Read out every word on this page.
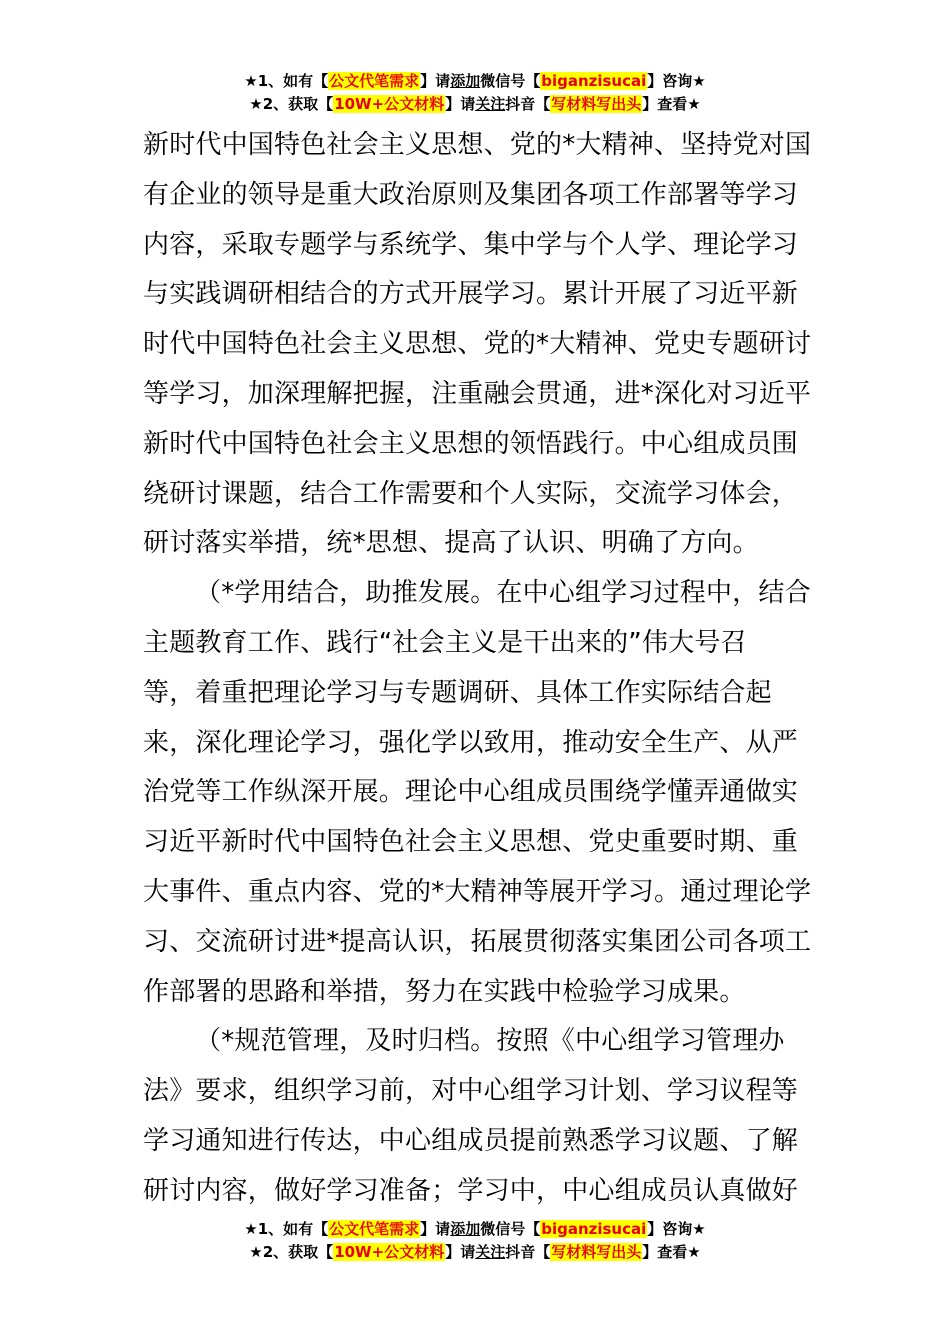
★1、如有【公文代笔需求】请添加微信号【biganzisucai】咨询★
★2、获取【10W+公文材料】请关注抖音【写材料写出头】查看★
新时代中国特色社会主义思想、党的*大精神、坚持党对国
有企业的领导是重大政治原则及集团各项工作部署等学习
内容，采取专题学与系统学、集中学与个人学、理论学习
与实践调研相结合的方式开展学习。累计开展了习近平新
时代中国特色社会主义思想、党的*大精神、党史专题研讨
等学习，加深理解把握，注重融会贯通，进*深化对习近平
新时代中国特色社会主义思想的领悟践行。中心组成员围
绕研讨课题，结合工作需要和个人实际，交流学习体会，
研讨落实举措，统*思想、提高了认识、明确了方向。
（*学用结合，助推发展。在中心组学习过程中，结合
主题教育工作、践行“社会主义是干出来的”伟大号召
等，着重把理论学习与专题调研、具体工作实际结合起
来，深化理论学习，强化学以致用，推动安全生产、从严
治党等工作纵深开展。理论中心组成员围绕学懂弄通做实
习近平新时代中国特色社会主义思想、党史重要时期、重
大事件、重点内容、党的*大精神等展开学习。通过理论学
习、交流研讨进*提高认识，拓展贯彻落实集团公司各项工
作部署的思路和举措，努力在实践中检验学习成果。
（*规范管理，及时归档。按照《中心组学习管理办
法》要求，组织学习前，对中心组学习计划、学习议程等
学习通知进行传达，中心组成员提前熟悉学习议题、了解
研讨内容，做好学习准备；学习中，中心组成员认真做好
★1、如有【公文代笔需求】请添加微信号【biganzisucai】咨询★
★2、获取【10W+公文材料】请关注抖音【写材料写出头】查看★
